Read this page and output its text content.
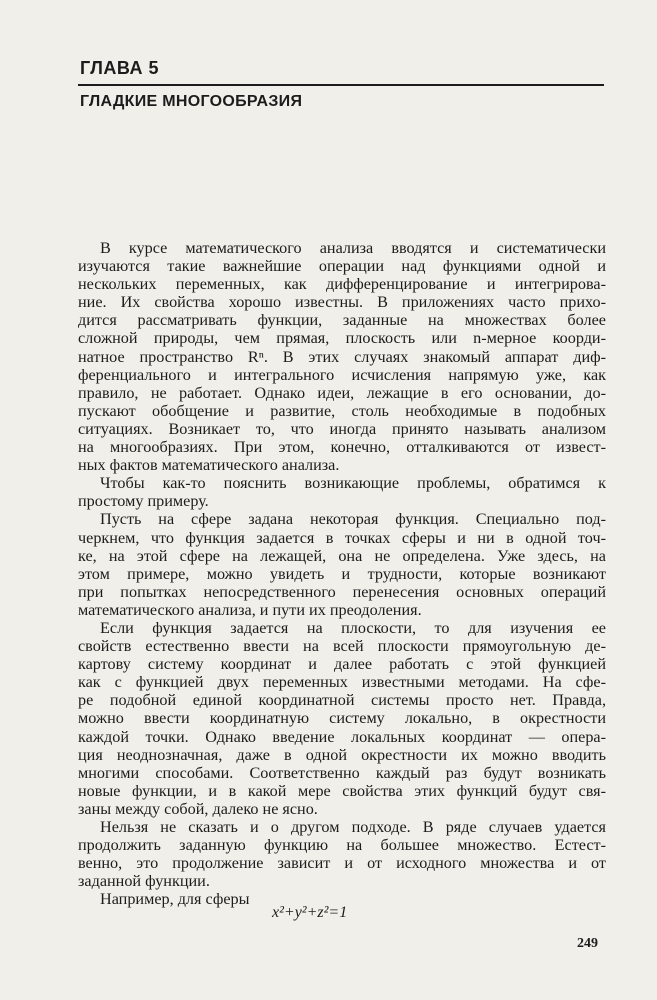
ГЛАВА 5
ГЛАДКИЕ МНОГООБРАЗИЯ
В курсе математического анализа вводятся и систематически
изучаются такие важнейшие операции над функциями одной и
нескольких переменных, как дифференцирование и интегрирова-
ние. Их свойства хорошо известны. В приложениях часто прихо-
дится рассматривать функции, заданные на множествах более
сложной природы, чем прямая, плоскость или n-мерное коорди-
натное пространство Rⁿ. В этих случаях знакомый аппарат диф-
ференциального и интегрального исчисления напрямую уже, как
правило, не работает. Однако идеи, лежащие в его основании, до-
пускают обобщение и развитие, столь необходимые в подобных
ситуациях. Возникает то, что иногда принято называть анализом
на многообразиях. При этом, конечно, отталкиваются от извест-
ных фактов математического анализа.
Чтобы как-то пояснить возникающие проблемы, обратимся к
простому примеру.
Пусть на сфере задана некоторая функция. Специально под-
черкнем, что функция задается в точках сферы и ни в одной точ-
ке, на этой сфере на лежащей, она не определена. Уже здесь, на
этом примере, можно увидеть и трудности, которые возникают
при попытках непосредственного перенесения основных операций
математического анализа, и пути их преодоления.
Если функция задается на плоскости, то для изучения ее
свойств естественно ввести на всей плоскости прямоугольную де-
картову систему координат и далее работать с этой функцией
как с функцией двух переменных известными методами. На сфе-
ре подобной единой координатной системы просто нет. Правда,
можно ввести координатную систему локально, в окрестности
каждой точки. Однако введение локальных координат — опера-
ция неоднозначная, даже в одной окрестности их можно вводить
многими способами. Соответственно каждый раз будут возникать
новые функции, и в какой мере свойства этих функций будут свя-
заны между собой, далеко не ясно.
Нельзя не сказать и о другом подходе. В ряде случаев удается
продолжить заданную функцию на большее множество. Естест-
венно, это продолжение зависит и от исходного множества и от
заданной функции.
Например, для сферы
x²+y²+z²=1
249
